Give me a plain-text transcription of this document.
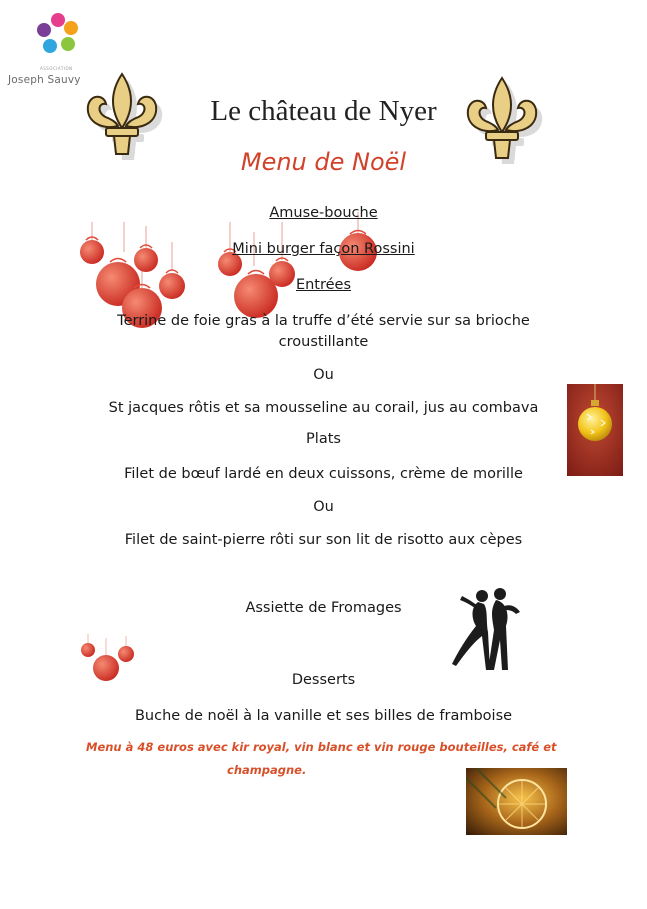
ASSOCIATION
Joseph Sauvy
Le château de Nyer
Menu de Noël
Amuse-bouche
Mini burger façon Rossini
Entrées
Terrine de foie gras à la truffe d’été servie sur sa brioche
croustillante
Ou
St jacques rôtis et sa mousseline au corail, jus au combava
Plats
Filet de bœuf lardé en deux cuissons, crème de morille
Ou
Filet de saint-pierre rôti sur son lit de risotto aux cèpes
Assiette de Fromages
Desserts
Buche de noël à la vanille et ses billes de framboise
Menu à 48 euros avec kir royal, vin blanc et vin rouge bouteilles, café et
champagne.
